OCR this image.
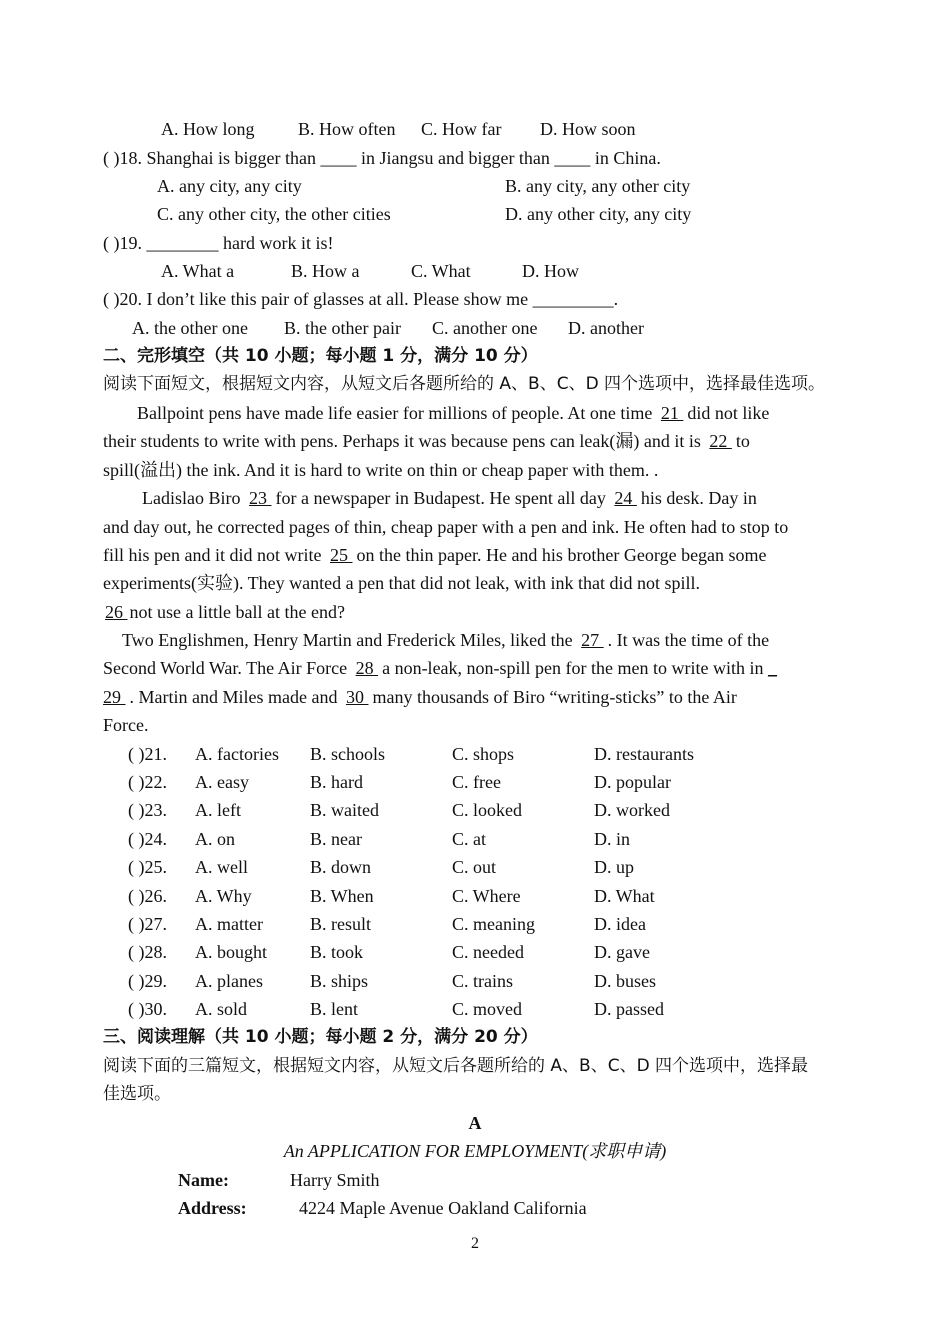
A. How long B. How often C. How far D. How soon
( )18. Shanghai is bigger than ____ in Jiangsu and bigger than ____ in China.
A. any city, any city	B. any city, any other city
C. any other city, the other cities	D. any other city, any city
( )19. ________ hard work it is!
A. What a	B. How a	C. What	D. How
( )20. I don’t like this pair of glasses at all. Please show me _________.
A. the other one B. the other pair C. another one D. another
二、完形填空（共 10 小题；每小题 1 分，满分 10 分）
阅读下面短文，根据短文内容，从短文后各题所给的 A、B、C、D 四个选项中，选择最佳选项。
Ballpoint pens have made life easier for millions of people. At one time 21 did not like
their students to write with pens. Perhaps it was because pens can leak(漏) and it is 22 to
spill(溢出) the ink. And it is hard to write on thin or cheap paper with them. .
Ladislao Biro 23 for a newspaper in Budapest. He spent all day 24 his desk. Day in
and day out, he corrected pages of thin, cheap paper with a pen and ink. He often had to stop to
fill his pen and it did not write 25 on the thin paper. He and his brother George began some
experiments(实验). They wanted a pen that did not leak, with ink that did not spill.
26 not use a little ball at the end?
Two Englishmen, Henry Martin and Frederick Miles, liked the 27 . It was the time of the
Second World War. The Air Force 28 a non-leak, non-spill pen for the men to write with in _
29 . Martin and Miles made and 30 many thousands of Biro “writing-sticks” to the Air
Force.
( )21. A. factories B. schools	C. shops	D. restaurants
( )22. A. easy	B. hard	C. free	D. popular
( )23. A. left	B. waited	C. looked	D. worked
( )24. A. on	B. near	C. at	D. in
( )25. A. well	B. down	C. out	D. up
( )26. A. Why	B. When	C. Where	D. What
( )27. A. matter	B. result	C. meaning	D. idea
( )28. A. bought B. took	C. needed	D. gave
( )29. A. planes	B. ships	C. trains	D. buses
( )30. A. sold	B. lent	C. moved	D. passed
三、阅读理解（共 10 小题；每小题 2 分，满分 20 分）
阅读下面的三篇短文，根据短文内容，从短文后各题所给的 A、B、C、D 四个选项中，选择最
佳选项。
A
An APPLICATION FOR EMPLOYMENT(求职申请)
Name:	Harry Smith
Address:	4224 Maple Avenue Oakland California
2
